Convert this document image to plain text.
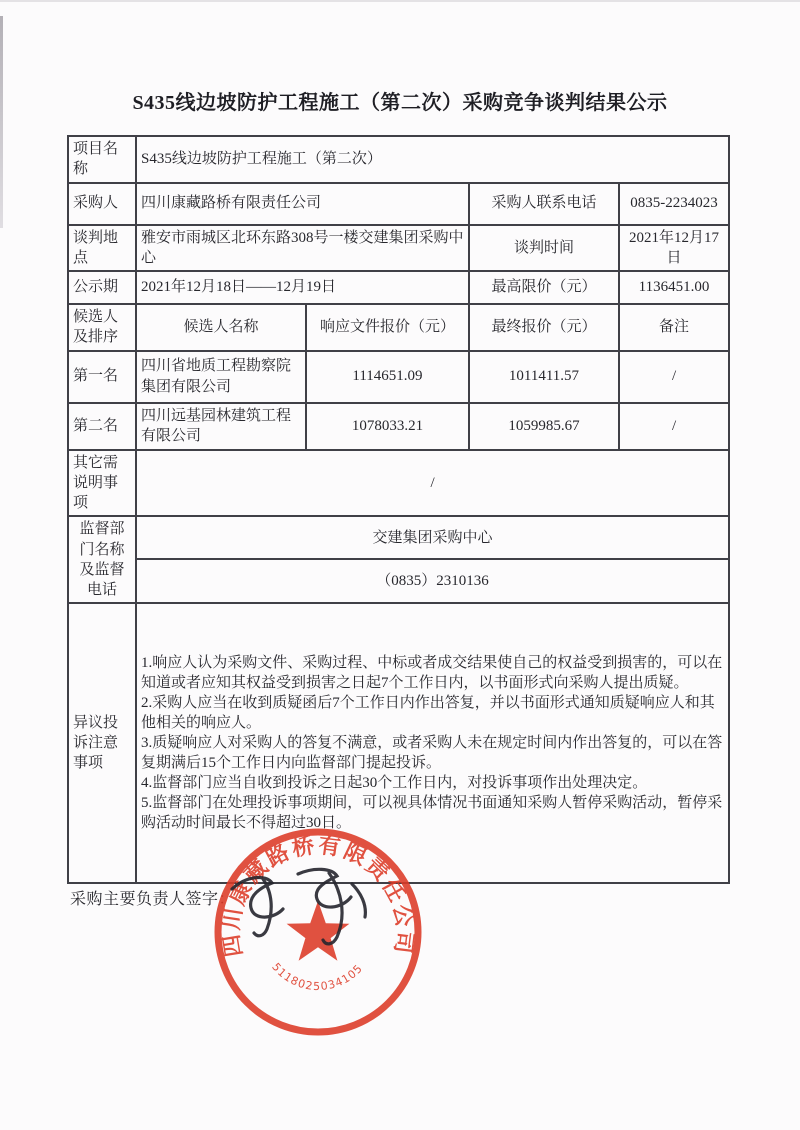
S435线边坡防护工程施工（第二次）采购竞争谈判结果公示
项目名称	S435线边坡防护工程施工（第二次）			
采购人	四川康藏路桥有限责任公司		采购人联系电话	0835-2234023
谈判地点	雅安市雨城区北环东路308号一楼交建集团采购中心		谈判时间	2021年12月17日
公示期	2021年12月18日——12月19日		最高限价（元）	1136451.00
候选人及排序	候选人名称	响应文件报价（元）	最终报价（元）	备注
第一名	四川省地质工程勘察院集团有限公司	1114651.09	1011411.57	/
第二名	四川远基园林建筑工程有限公司	1078033.21	1059985.67	/
其它需说明事项	/			
监督部门名称及监督电话	交建集团采购中心			
	（0835）2310136			
异议投诉注意事项	1.响应人认为采购文件、采购过程、中标或者成交结果使自己的权益受到损害的，可以在知道或者应知其权益受到损害之日起7个工作日内，以书面形式向采购人提出质疑。
2.采购人应当在收到质疑函后7个工作日内作出答复，并以书面形式通知质疑响应人和其他相关的响应人。
3.质疑响应人对采购人的答复不满意，或者采购人未在规定时间内作出答复的，可以在答复期满后15个工作日内向监督部门提起投诉。
4.监督部门应当自收到投诉之日起30个工作日内，对投诉事项作出处理决定。
5.监督部门在处理投诉事项期间，可以视具体情况书面通知采购人暂停采购活动，暂停采购活动时间最长不得超过30日。			
采购主要负责人签字：
四川康藏路桥有限责任公司
5118025034105
